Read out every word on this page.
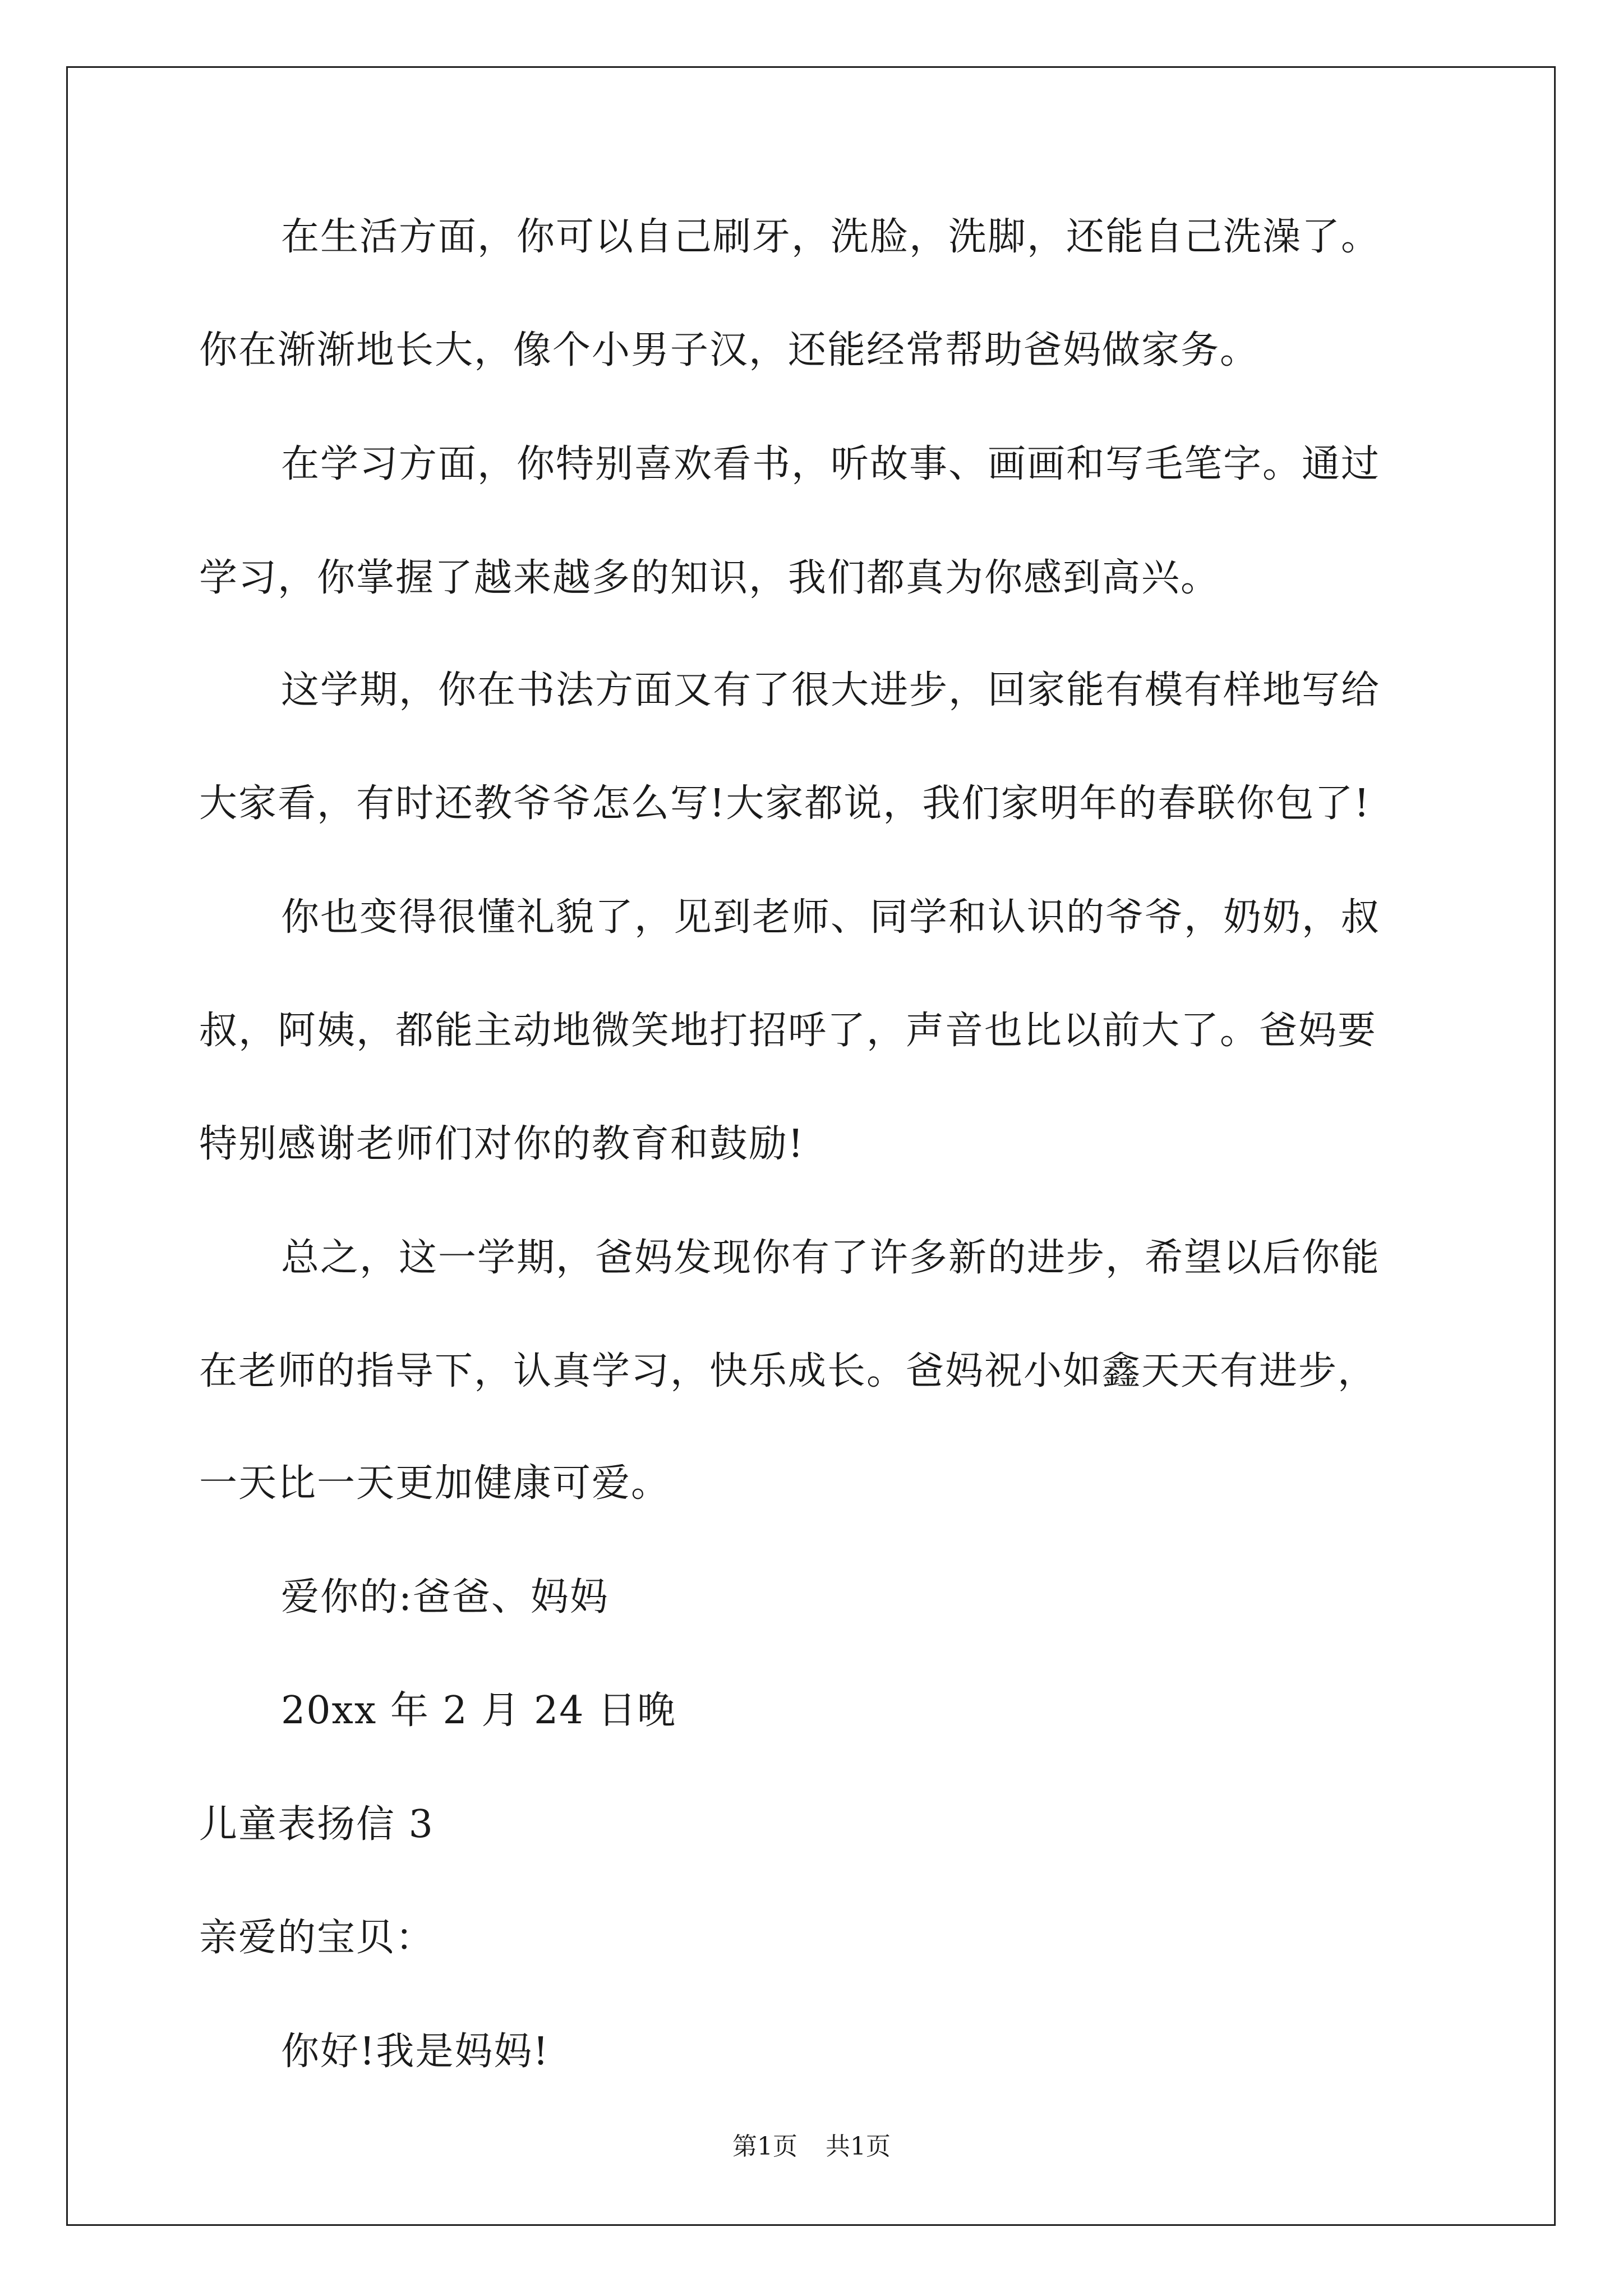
在生活方面，你可以自己刷牙，洗脸，洗脚，还能自己洗澡了。
你在渐渐地长大，像个小男子汉，还能经常帮助爸妈做家务。
在学习方面，你特别喜欢看书，听故事、画画和写毛笔字。通过
学习，你掌握了越来越多的知识，我们都真为你感到高兴。
这学期，你在书法方面又有了很大进步，回家能有模有样地写给
大家看，有时还教爷爷怎么写!大家都说，我们家明年的春联你包了!
你也变得很懂礼貌了，见到老师、同学和认识的爷爷，奶奶，叔
叔，阿姨，都能主动地微笑地打招呼了，声音也比以前大了。爸妈要
特别感谢老师们对你的教育和鼓励!
总之，这一学期，爸妈发现你有了许多新的进步，希望以后你能
在老师的指导下，认真学习，快乐成长。爸妈祝小如鑫天天有进步，
一天比一天更加健康可爱。
爱你的:爸爸、妈妈
20xx 年 2 月 24 日晚
儿童表扬信 3
亲爱的宝贝：
你好!我是妈妈!
第1页 共1页
